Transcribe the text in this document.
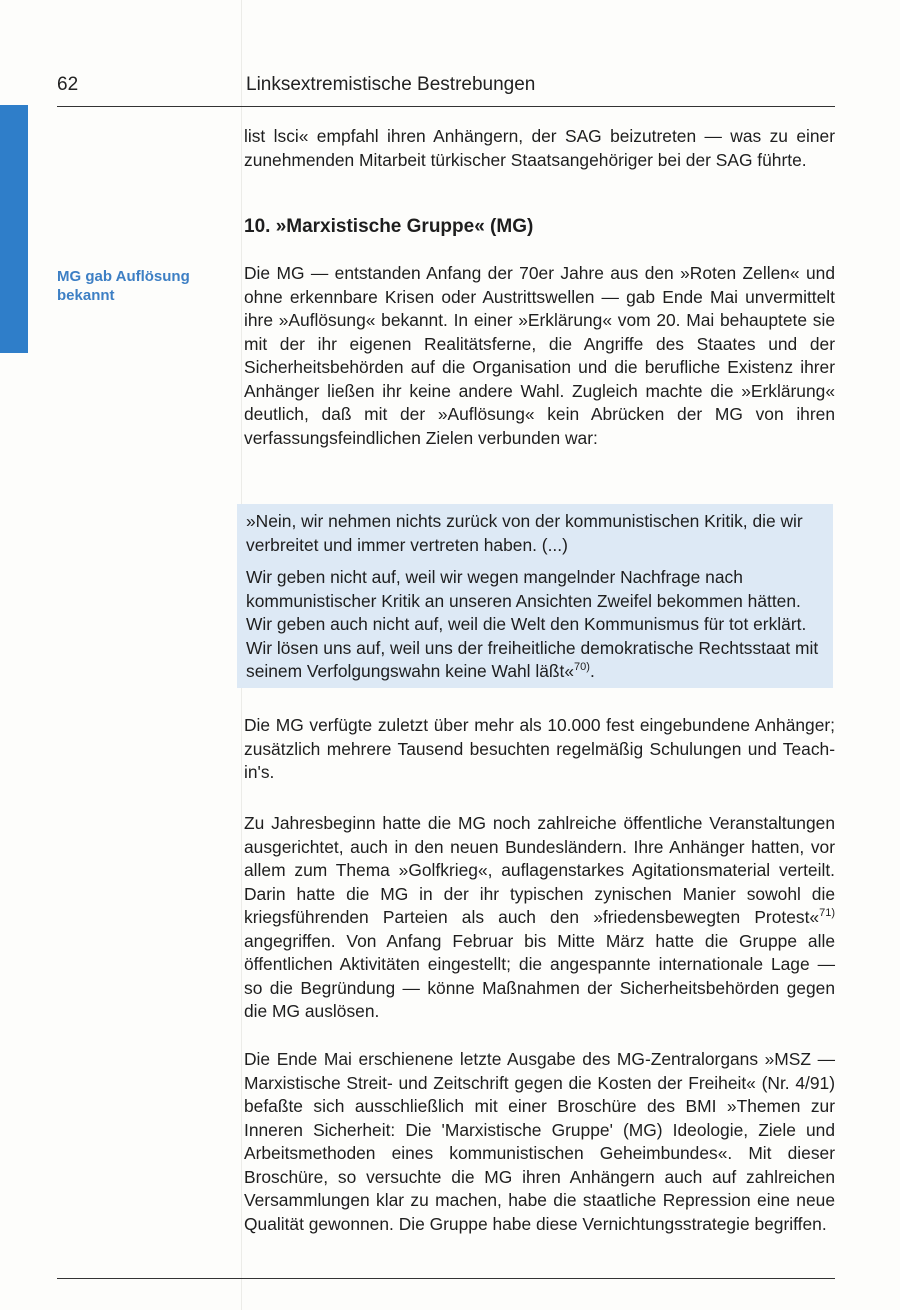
62	Linksextremistische Bestrebungen
MG gab Auflösung
bekannt

list lsci« empfahl ihren Anhängern, der SAG beizutreten — was zu einer zunehmenden Mitarbeit türkischer Staatsangehöriger bei der SAG führte.

10. »Marxistische Gruppe« (MG)

Die MG — entstanden Anfang der 70er Jahre aus den »Roten Zellen« und ohne erkennbare Krisen oder Austrittswellen — gab Ende Mai unvermittelt ihre »Auflösung« bekannt. In einer »Erklärung« vom 20. Mai behauptete sie mit der ihr eigenen Realitätsferne, die Angriffe des Staates und der Sicherheitsbehörden auf die Organisation und die berufliche Existenz ihrer Anhänger ließen ihr keine andere Wahl. Zugleich machte die »Erklärung« deutlich, daß mit der »Auflösung« kein Abrücken der MG von ihren verfassungsfeindlichen Zielen verbunden war:

»Nein, wir nehmen nichts zurück von der kommunistischen Kritik, die wir verbreitet und immer vertreten haben. (...)

Wir geben nicht auf, weil wir wegen mangelnder Nachfrage nach kommunistischer Kritik an unseren Ansichten Zweifel bekommen hätten. Wir geben auch nicht auf, weil die Welt den Kommunismus für tot erklärt. Wir lösen uns auf, weil uns der freiheitliche demokratische Rechtsstaat mit seinem Verfolgungswahn keine Wahl läßt«$^{70)}$.

Die MG verfügte zuletzt über mehr als 10.000 fest eingebundene Anhänger; zusätzlich mehrere Tausend besuchten regelmäßig Schulungen und Teach-in's.

Zu Jahresbeginn hatte die MG noch zahlreiche öffentliche Veranstaltungen ausgerichtet, auch in den neuen Bundesländern. Ihre Anhänger hatten, vor allem zum Thema »Golfkrieg«, auflagenstarkes Agitationsmaterial verteilt. Darin hatte die MG in der ihr typischen zynischen Manier sowohl die kriegsführenden Parteien als auch den »friedensbewegten Protest«$^{71)}$ angegriffen. Von Anfang Februar bis Mitte März hatte die Gruppe alle öffentlichen Aktivitäten eingestellt; die angespannte internationale Lage — so die Begründung — könne Maßnahmen der Sicherheitsbehörden gegen die MG auslösen.

Die Ende Mai erschienene letzte Ausgabe des MG-Zentralorgans »MSZ — Marxistische Streit- und Zeitschrift gegen die Kosten der Freiheit« (Nr. 4/91) befaßte sich ausschließlich mit einer Broschüre des BMI »Themen zur Inneren Sicherheit: Die 'Marxistische Gruppe' (MG) Ideologie, Ziele und Arbeitsmethoden eines kommunistischen Geheimbundes«. Mit dieser Broschüre, so versuchte die MG ihren Anhängern auch auf zahlreichen Versammlungen klar zu machen, habe die staatliche Repression eine neue Qualität gewonnen. Die Gruppe habe diese Vernichtungsstrategie begriffen.
